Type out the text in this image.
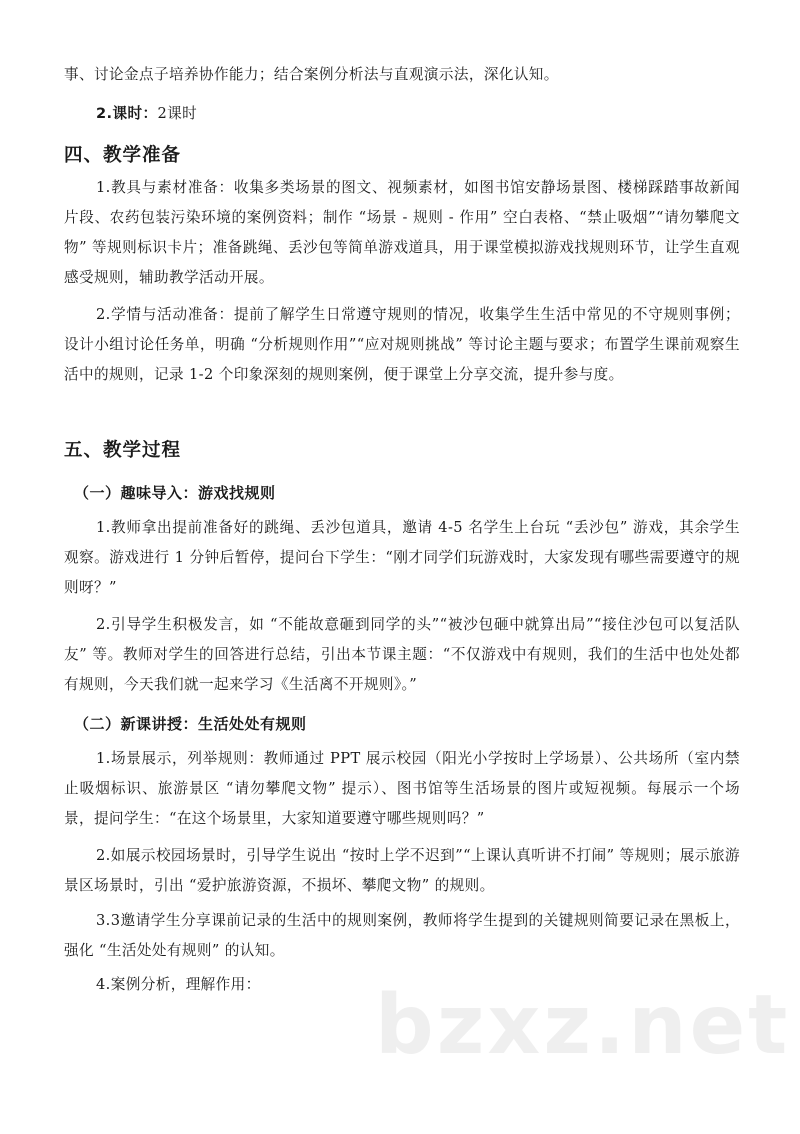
事、讨论金点子培养协作能力；结合案例分析法与直观演示法，深化认知。

2.课时：2课时
四、教学准备

1.教具与素材准备：收集多类场景的图文、视频素材，如图书馆安静场景图、楼梯踩踏事故新闻片段、农药包装污染环境的案例资料；制作 “场景 - 规则 - 作用” 空白表格、“禁止吸烟”“请勿攀爬文物” 等规则标识卡片；准备跳绳、丢沙包等简单游戏道具，用于课堂模拟游戏找规则环节，让学生直观感受规则，辅助教学活动开展。

2.学情与活动准备：提前了解学生日常遵守规则的情况，收集学生生活中常见的不守规则事例；设计小组讨论任务单，明确 “分析规则作用”“应对规则挑战” 等讨论主题与要求；布置学生课前观察生活中的规则，记录 1-2 个印象深刻的规则案例，便于课堂上分享交流，提升参与度。

五、教学过程
（一）趣味导入：游戏找规则

1.教师拿出提前准备好的跳绳、丢沙包道具，邀请 4-5 名学生上台玩 “丢沙包” 游戏，其余学生观察。游戏进行 1 分钟后暂停，提问台下学生：“刚才同学们玩游戏时，大家发现有哪些需要遵守的规则呀？”

2.引导学生积极发言，如 “不能故意砸到同学的头”“被沙包砸中就算出局”“接住沙包可以复活队友” 等。教师对学生的回答进行总结，引出本节课主题：“不仅游戏中有规则，我们的生活中也处处都有规则，今天我们就一起来学习《生活离不开规则》。”

（二）新课讲授：生活处处有规则

1.场景展示，列举规则：教师通过 PPT 展示校园（阳光小学按时上学场景）、公共场所（室内禁止吸烟标识、旅游景区 “请勿攀爬文物” 提示）、图书馆等生活场景的图片或短视频。每展示一个场景，提问学生：“在这个场景里，大家知道要遵守哪些规则吗？”

2.如展示校园场景时，引导学生说出 “按时上学不迟到”“上课认真听讲不打闹” 等规则；展示旅游景区场景时，引出 “爱护旅游资源，不损坏、攀爬文物” 的规则。

3.3邀请学生分享课前记录的生活中的规则案例，教师将学生提到的关键规则简要记录在黑板上，强化 “生活处处有规则” 的认知。

4.案例分析，理解作用：	bzxz.net
